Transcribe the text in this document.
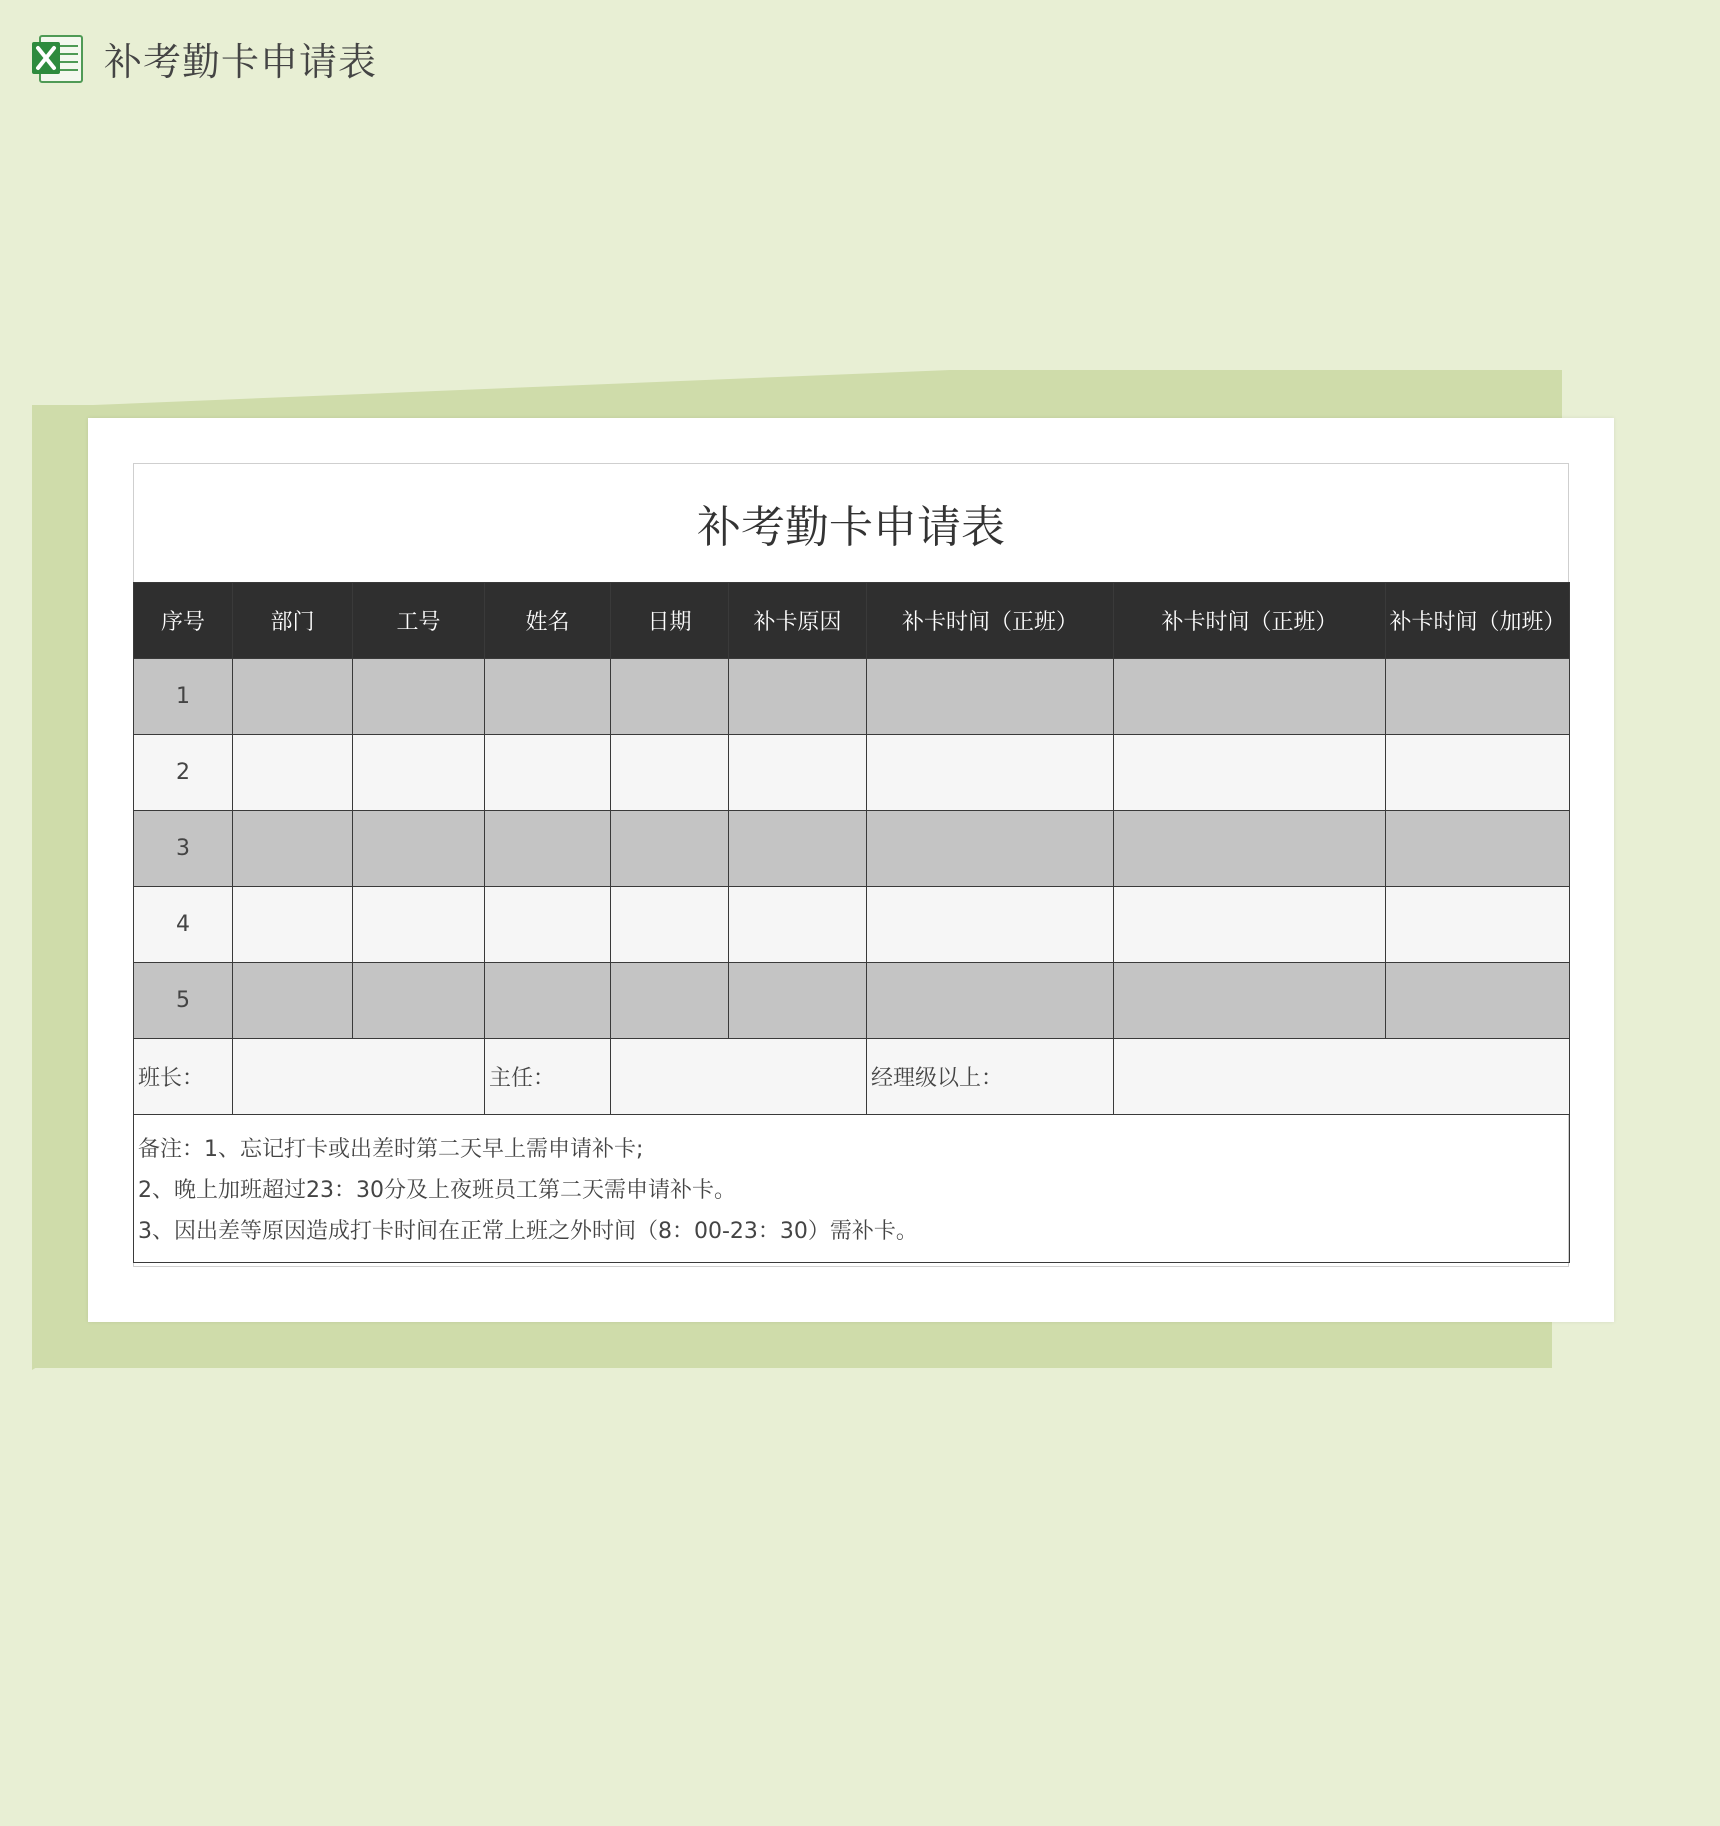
补考勤卡申请表
补考勤卡申请表
序号	部门	工号	姓名	日期	补卡原因	补卡时间（正班）	补卡时间（正班）	补卡时间（加班）
1								
2								
3								
4								
5								
班长：			主任：			经理级以上：		
备注：1、忘记打卡或出差时第二天早上需申请补卡;
2、晚上加班超过23：30分及上夜班员工第二天需申请补卡。
3、因出差等原因造成打卡时间在正常上班之外时间（8：00-23：30）需补卡。
